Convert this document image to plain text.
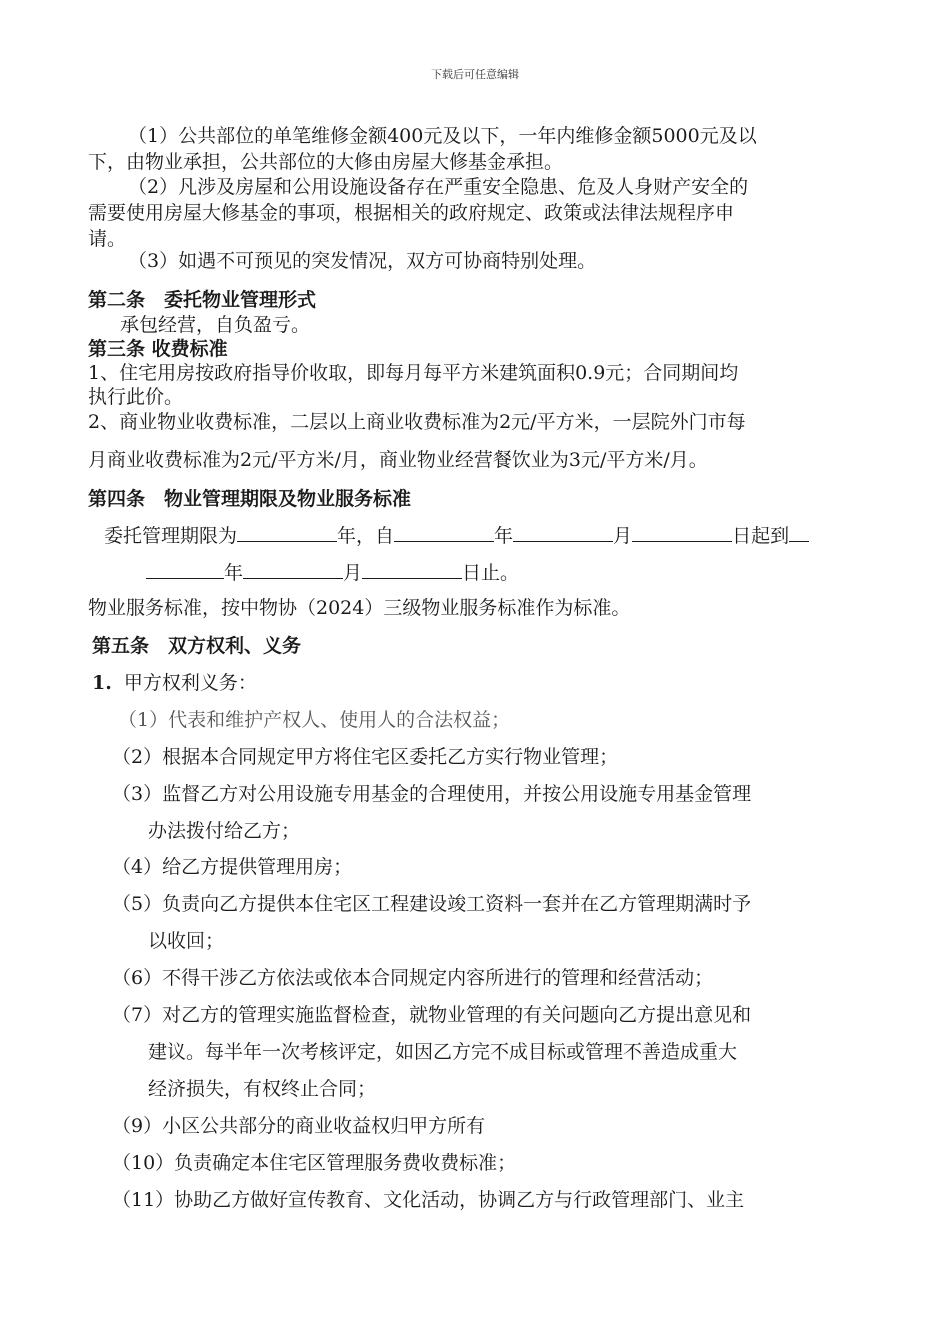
下载后可任意编辑
（1）公共部位的单笔维修金额400元及以下，一年内维修金额5000元及以
下，由物业承担，公共部位的大修由房屋大修基金承担。
（2）凡涉及房屋和公用设施设备存在严重安全隐患、危及人身财产安全的
需要使用房屋大修基金的事项，根据相关的政府规定、政策或法律法规程序申
请。
（3）如遇不可预见的突发情况，双方可协商特别处理。
第二条　委托物业管理形式
承包经营，自负盈亏。
第三条 收费标准
1、住宅用房按政府指导价收取，即每月每平方米建筑面积0.9元；合同期间均
执行此价。
2、商业物业收费标准，二层以上商业收费标准为2元/平方米，一层院外门市每
月商业收费标准为2元/平方米/月，商业物业经营餐饮业为3元/平方米/月。
第四条　物业管理期限及物业服务标准
委托管理期限为	年，自	年	月	日起到
年	月	日止。
物业服务标准，按中物协（2024）三级物业服务标准作为标准。
第五条　双方权利、义务
1. 甲方权利义务：
（1）代表和维护产权人、使用人的合法权益；
（2）根据本合同规定甲方将住宅区委托乙方实行物业管理；
（3）监督乙方对公用设施专用基金的合理使用，并按公用设施专用基金管理
办法拨付给乙方；
（4）给乙方提供管理用房；
（5）负责向乙方提供本住宅区工程建设竣工资料一套并在乙方管理期满时予
以收回；
（6）不得干涉乙方依法或依本合同规定内容所进行的管理和经营活动；
（7）对乙方的管理实施监督检查，就物业管理的有关问题向乙方提出意见和
建议。每半年一次考核评定，如因乙方完不成目标或管理不善造成重大
经济损失，有权终止合同；
（9）小区公共部分的商业收益权归甲方所有
（10）负责确定本住宅区管理服务费收费标准；
（11）协助乙方做好宣传教育、文化活动，协调乙方与行政管理部门、业主
